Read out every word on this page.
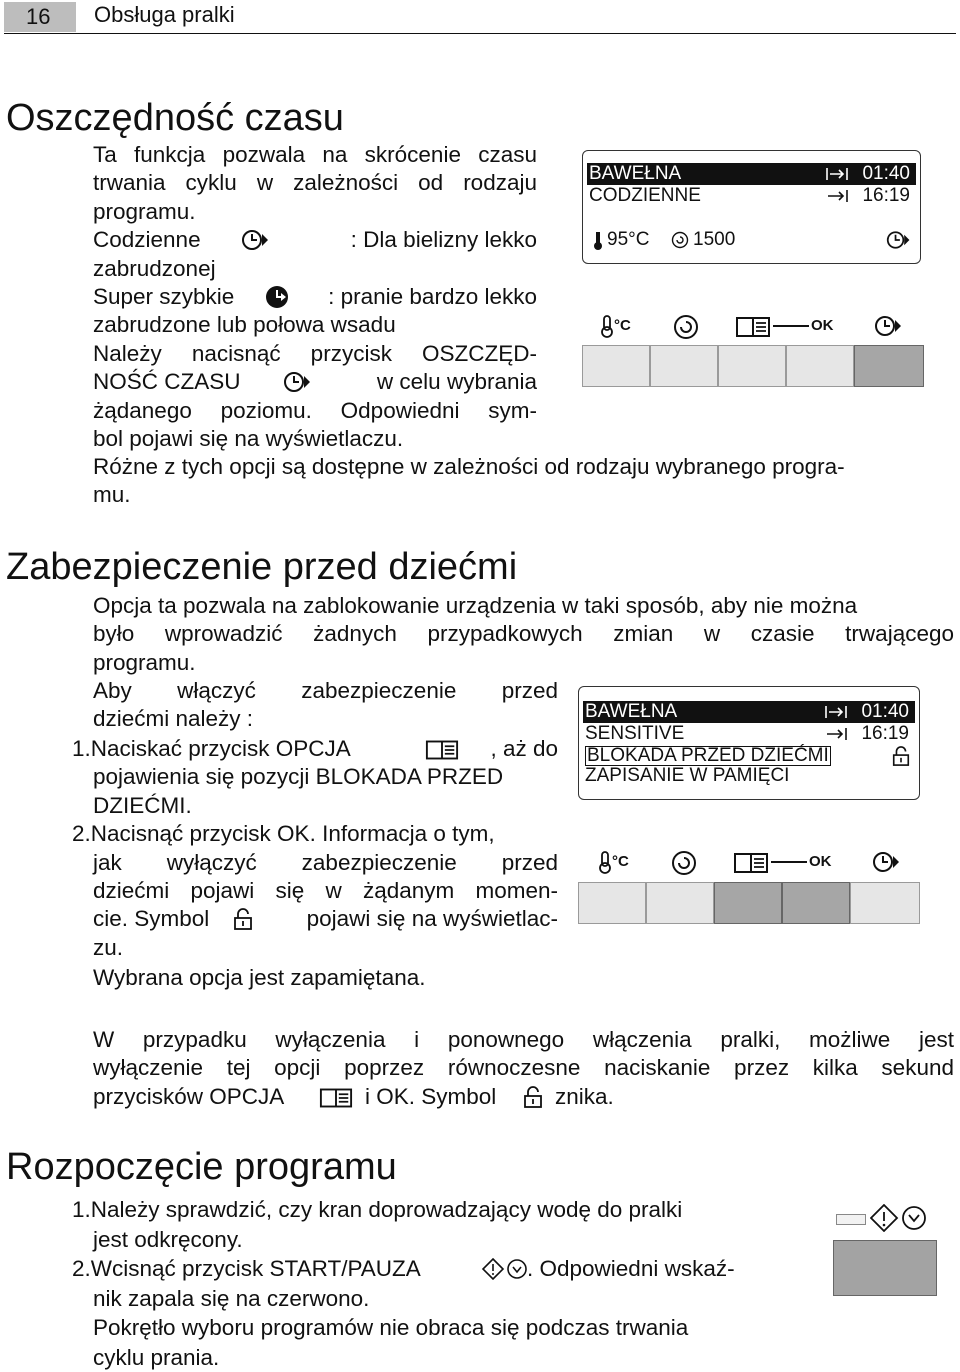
16	Obsługa pralki
Oszczędność czasu
Ta funkcja pozwala na skrócenie czasu
trwania cyklu w zależności od rodzaju
programu.
Codzienne	: Dla bielizny lekko
zabrudzonej
Super szybkie	: pranie bardzo lekko
zabrudzone lub połowa wsadu
Należy nacisnąć przycisk OSZCZĘD-
NOŚĆ CZASU	w celu wybrania
żądanego poziomu. Odpowiedni sym-
bol pojawi się na wyświetlaczu.
Różne z tych opcji są dostępne w zależności od rodzaju wybranego progra-
mu.
BAWEŁNA	01:40
CODZIENNE	16:19
95°C 1500
°C	OK
Zabezpieczenie przed dziećmi
Opcja ta pozwala na zablokowanie urządzenia w taki sposób, aby nie można
było wprowadzić żadnych przypadkowych zmian w czasie trwającego
programu.
Aby włączyć zabezpieczenie przed
dziećmi należy :
1.Naciskać przycisk OPCJA	, aż do
pojawienia się pozycji BLOKADA PRZED
DZIEĆMI.
2.Nacisnąć przycisk OK. Informacja o tym,
jak wyłączyć zabezpieczenie przed
dziećmi pojawi się w żądanym momen-
cie. Symbol	pojawi się na wyświetlac-
zu.
Wybrana opcja jest zapamiętana.
BAWEŁNA	01:40
SENSITIVE	16:19
BLOKADA PRZED DZIEĆMI
ZAPISANIE W PAMIĘCI
°C	OK
W przypadku wyłączenia i ponownego włączenia pralki, możliwe jest
wyłączenie tej opcji poprzez równoczesne naciskanie przez kilka sekund
przycisków OPCJA	i OK. Symbol	znika.
Rozpoczęcie programu
1.Należy sprawdzić, czy kran doprowadzający wodę do pralki
jest odkręcony.
2.Wcisnąć przycisk START/PAUZA	. Odpowiedni wskaź-
nik zapala się na czerwono.
Pokrętło wyboru programów nie obraca się podczas trwania
cyklu prania.
